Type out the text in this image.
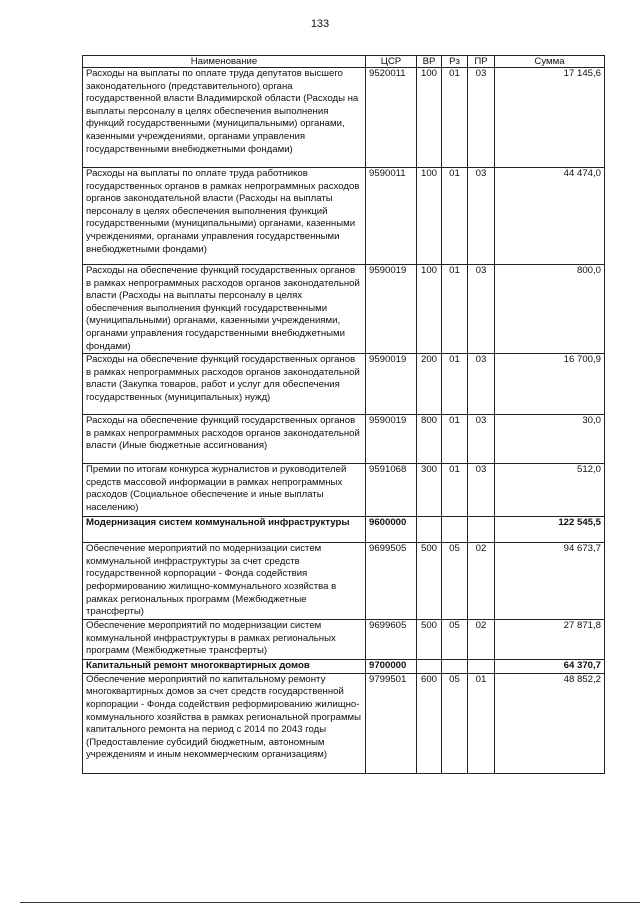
133
Наименование	ЦСР	ВР	Рз	ПР	Сумма
Расходы на выплаты по оплате труда депутатов высшего законодательного (представительного) органа государственной власти Владимирской области (Расходы на выплаты персоналу в целях обеспечения выполнения функций государственными (муниципальными) органами, казенными учреждениями, органами управления государственными внебюджетными фондами)	9520011	100	01	03	17 145,6
Расходы на выплаты по оплате труда работников государственных органов в рамках непрограммных расходов органов законодательной власти (Расходы на выплаты персоналу в целях обеспечения выполнения функций государственными (муниципальными) органами, казенными учреждениями, органами управления государственными внебюджетными фондами)	9590011	100	01	03	44 474,0
Расходы на обеспечение функций государственных органов в рамках непрограммных расходов органов законодательной власти (Расходы на выплаты персоналу в целях обеспечения выполнения функций государственными (муниципальными) органами, казенными учреждениями, органами управления государственными внебюджетными фондами)	9590019	100	01	03	800,0
Расходы на обеспечение функций государственных органов в рамках непрограммных расходов органов законодательной власти (Закупка товаров, работ и услуг для обеспечения государственных (муниципальных) нужд)	9590019	200	01	03	16 700,9
Расходы на обеспечение функций государственных органов в рамках непрограммных расходов органов законодательной власти (Иные бюджетные ассигнования)	9590019	800	01	03	30,0
Премии по итогам конкурса журналистов и руководителей средств массовой информации в рамках непрограммных расходов (Социальное обеспечение и иные выплаты населению)	9591068	300	01	03	512,0
Модернизация систем коммунальной инфраструктуры	9600000				122 545,5
Обеспечение мероприятий по модернизации систем коммунальной инфраструктуры за счет средств государственной корпорации - Фонда содействия реформированию жилищно-коммунального хозяйства в рамках региональных программ (Межбюджетные трансферты)	9699505	500	05	02	94 673,7
Обеспечение мероприятий по модернизации систем коммунальной инфраструктуры в рамках региональных программ (Межбюджетные трансферты)	9699605	500	05	02	27 871,8
Капитальный ремонт многоквартирных домов	9700000				64 370,7
Обеспечение мероприятий по капитальному ремонту многоквартирных домов за счет средств государственной корпорации - Фонда содействия реформированию жилищно-коммунального хозяйства в рамках региональной программы капитального ремонта на период с 2014 по 2043 годы (Предоставление субсидий бюджетным, автономным учреждениям и иным некоммерческим организациям)	9799501	600	05	01	48 852,2
